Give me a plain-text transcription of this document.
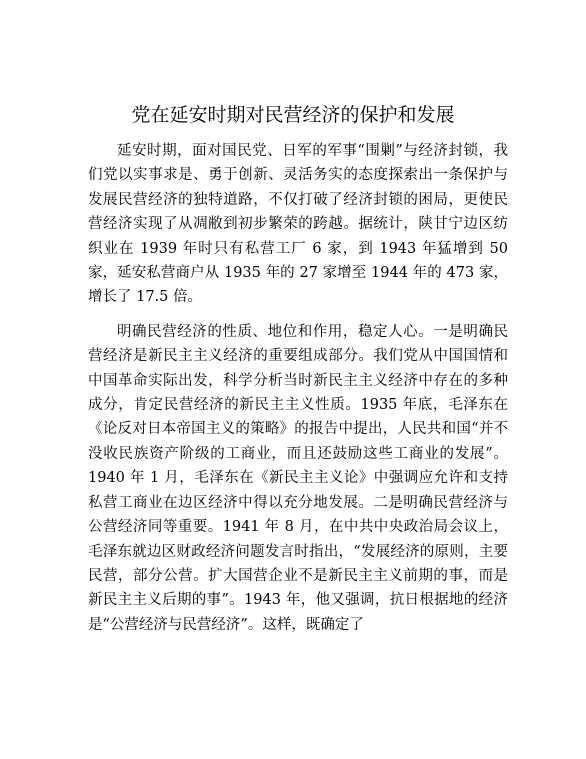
党在延安时期对民营经济的保护和发展

延安时期，面对国民党、日军的军事“围剿”与经济封锁，我们党以实事求是、勇于创新、灵活务实的态度探索出一条保护与发展民营经济的独特道路，不仅打破了经济封锁的困局，更使民营经济实现了从凋敝到初步繁荣的跨越。据统计，陕甘宁边区纺织业在 1939 年时只有私营工厂 6 家，到 1943 年猛增到 50 家，延安私营商户从 1935 年的 27 家增至 1944 年的 473 家，增长了 17.5 倍。

明确民营经济的性质、地位和作用，稳定人心。一是明确民营经济是新民主主义经济的重要组成部分。我们党从中国国情和中国革命实际出发，科学分析当时新民主主义经济中存在的多种成分，肯定民营经济的新民主主义性质。1935 年底，毛泽东在《论反对日本帝国主义的策略》的报告中提出，人民共和国“并不没收民族资产阶级的工商业，而且还鼓励这些工商业的发展”。1940 年 1 月，毛泽东在《新民主主义论》中强调应允许和支持私营工商业在边区经济中得以充分地发展。二是明确民营经济与公营经济同等重要。1941 年 8 月，在中共中央政治局会议上，毛泽东就边区财政经济问题发言时指出，“发展经济的原则，主要民营，部分公营。扩大国营企业不是新民主主义前期的事，而是新民主主义后期的事”。1943 年，他又强调，抗日根据地的经济是“公营经济与民营经济”。这样，既确定了
